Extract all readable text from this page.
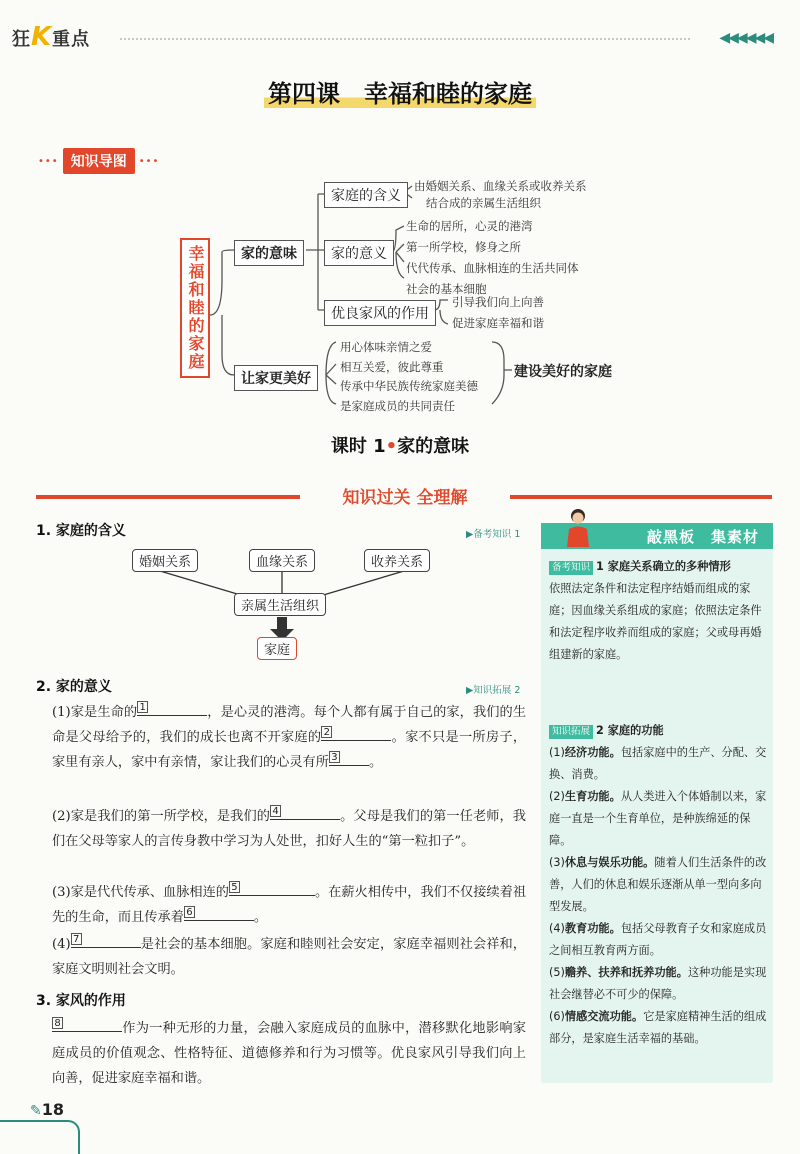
狂K重点	◀◀◀◀◀◀
第四课　幸福和睦的家庭
••• 知识导图	•••
幸福和睦的家庭	家的意味
让家更美好
家庭的含义
家的意义
优良家风的作用
由婚姻关系、血缘关系或收养关系
结合成的亲属生活组织
生命的居所，心灵的港湾
第一所学校，修身之所
代代传承、血脉相连的生活共同体
社会的基本细胞
引导我们向上向善
促进家庭幸福和谐
用心体味亲情之爱
相互关爱，彼此尊重
传承中华民族传统家庭美德
是家庭成员的共同责任
建设美好的家庭
课时 1•家的意味
知识过关 全理解
1. 家庭的含义	▶备考知识 1
婚姻关系	血缘关系	收养关系
亲属生活组织
家庭
2. 家的意义	▶知识拓展 2
(1)家是生命的 1	，是心灵的港湾。每个人都有属于自己的家，我们的生命是父母给予的，我们的成长也离不开家庭的 2	。家不只是一所房子，家里有亲人，家中有亲情，家让我们的心灵有所 3 。
(2)家是我们的第一所学校，是我们的 4	。父母是我们的第一任老师，我们在父母等家人的言传身教中学习为人处世，扣好人生的“第一粒扣子”。
(3)家是代代传承、血脉相连的 5	。在薪火相传中，我们不仅接续着祖先的生命，而且传承着 6	。
(4) 7	是社会的基本细胞。家庭和睦则社会安定，家庭幸福则社会祥和，家庭文明则社会文明。
3. 家风的作用
8	作为一种无形的力量，会融入家庭成员的血脉中，潜移默化地影响家庭成员的价值观念、性格特征、道德修养和行为习惯等。优良家风引导我们向上向善，促进家庭幸福和谐。
敲黑板　集素材
备考知识 1 家庭关系确立的多种情形
依照法定条件和法定程序结婚而组成的家庭；因血缘关系组成的家庭；依照法定条件和法定程序收养而组成的家庭；父或母再婚组建新的家庭。
知识拓展 2 家庭的功能
(1)经济功能。包括家庭中的生产、分配、交换、消费。
(2)生育功能。从人类进入个体婚制以来，家庭一直是一个生育单位，是种族绵延的保障。
(3)休息与娱乐功能。随着人们生活条件的改善，人们的休息和娱乐逐渐从单一型向多向型发展。
(4)教育功能。包括父母教育子女和家庭成员之间相互教育两方面。
(5)赡养、扶养和抚养功能。这种功能是实现社会继替必不可少的保障。
(6)情感交流功能。它是家庭精神生活的组成部分，是家庭生活幸福的基础。
✎18
